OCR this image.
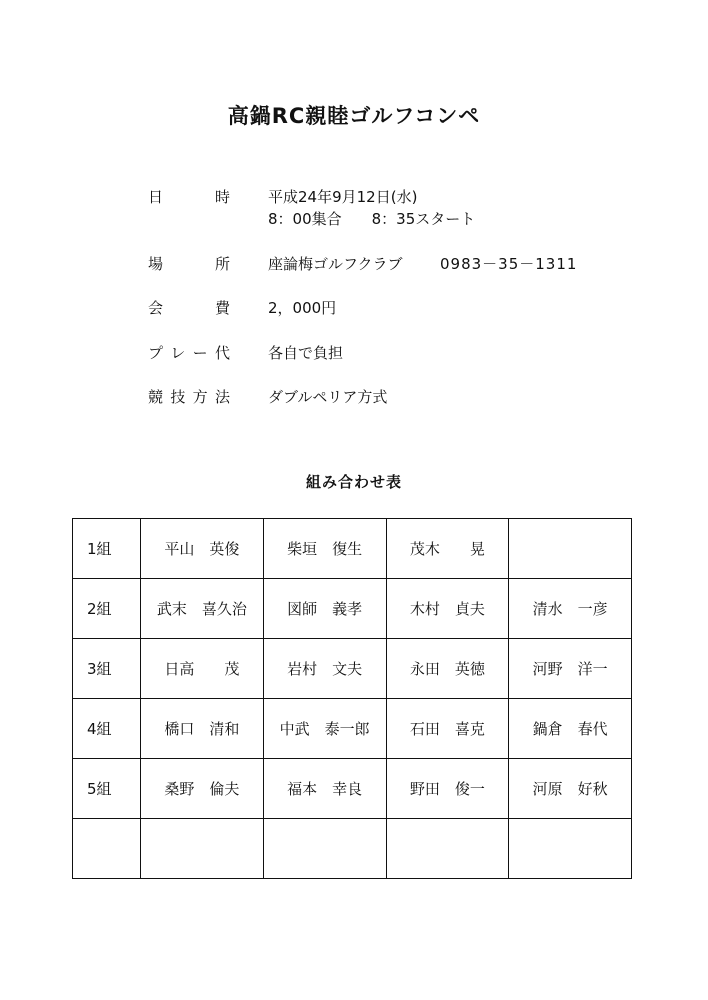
高鍋RC親睦ゴルフコンペ
日	時	平成24年9月12日(水)
8：00集合　　8：35スタート
場	所	座論梅ゴルフクラブ 0983－35－1311
会	費	2，000円
プ レ ー 代	各自で負担
競 技 方 法	ダブルペリア方式
組み合わせ表
1組	平山　英俊	柴垣　復生	茂木　　晃	
2組	武末　喜久治	図師　義孝	木村　貞夫	清水　一彦
3組	日高　　茂	岩村　文夫	永田　英徳	河野　洋一
4組	橋口　清和	中武　泰一郎	石田　喜克	鍋倉　春代
5組	桑野　倫夫	福本　幸良	野田　俊一	河原　好秋
